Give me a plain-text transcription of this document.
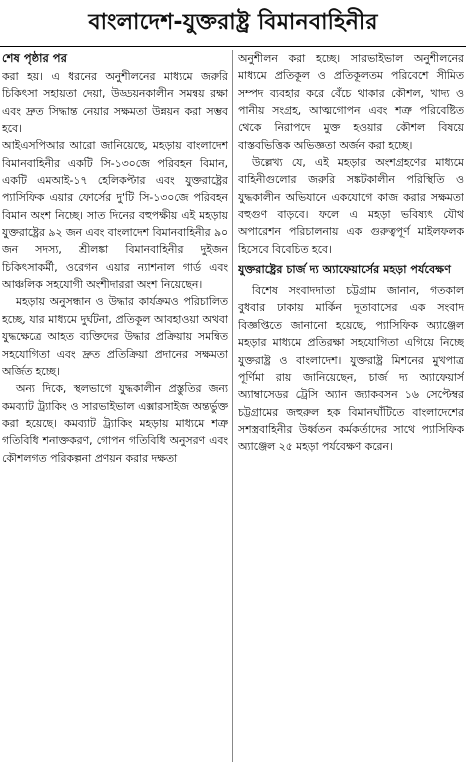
বাংলাদেশ-যুক্তরাষ্ট্র বিমানবাহিনীর
শেষ পৃষ্ঠার পর

করা হয়। এ ধরনের অনুশীলনের মাধ্যমে জরুরি চিকিৎসা সহায়তা দেয়া, উড্ডয়নকালীন সমন্বয় রক্ষা এবং দ্রুত সিদ্ধান্ত নেয়ার সক্ষমতা উন্নয়ন করা সম্ভব হবে।

আইএসপিআর আরো জানিয়েছে, মহড়ায় বাংলাদেশ বিমানবাহিনীর একটি সি-১৩০জে পরিবহন বিমান, একটি এমআই-১৭ হেলিকপ্টার এবং যুক্তরাষ্ট্রের প্যাসিফিক এয়ার ফোর্সের দু'টি সি-১৩০জে পরিবহন বিমান অংশ নিচ্ছে। সাত দিনের বহুপক্ষীয় এই মহড়ায় যুক্তরাষ্ট্রের ৯২ জন এবং বাংলাদেশ বিমানবাহিনীর ৯০ জন সদস্য, শ্রীলঙ্কা বিমানবাহিনীর দুইজন চিকিৎসাকর্মী, ওরেগন এয়ার ন্যাশনাল গার্ড এবং আঞ্চলিক সহযোগী অংশীদাররা অংশ নিয়েছেন।

মহড়ায় অনুসন্ধান ও উদ্ধার কার্যক্রমও পরিচালিত হচ্ছে, যার মাধ্যমে দুর্ঘটনা, প্রতিকূল আবহাওয়া অথবা যুদ্ধক্ষেত্রে আহত ব্যক্তিদের উদ্ধার প্রক্রিয়ায় সমন্বিত সহযোগিতা এবং দ্রুত প্রতিক্রিয়া প্রদানের সক্ষমতা অর্জিত হচ্ছে।

অন্য দিকে, স্থলভাগে যুদ্ধকালীন প্রস্তুতির জন্য কমব্যাট ট্র্যাকিং ও সারভাইভাল এক্সারসাইজ অন্তর্ভুক্ত করা হয়েছে। কমব্যাট ট্র্যাকিং মহড়ায় মাধ্যমে শত্রু গতিবিধি শনাক্তকরণ, গোপন গতিবিধি অনুসরণ এবং কৌশলগত পরিকল্পনা প্রণয়ন করার দক্ষতা

অনুশীলন করা হচ্ছে। সারভাইভাল অনুশীলনের মাধ্যমে প্রতিকূল ও প্রতিকূলতম পরিবেশে সীমিত সম্পদ ব্যবহার করে বেঁচে থাকার কৌশল, খাদ্য ও পানীয় সংগ্রহ, আত্মগোপন এবং শত্রু পরিবেষ্টিত থেকে নিরাপদে মুক্ত হওয়ার কৌশল বিষয়ে বাস্তবভিত্তিক অভিজ্ঞতা অর্জন করা হচ্ছে।

উল্লেখ্য যে, এই মহড়ার অংশগ্রহণের মাধ্যমে বাহিনীগুলোর জরুরি সঙ্কটকালীন পরিস্থিতি ও যুদ্ধকালীন অভিযানে একযোগে কাজ করার সক্ষমতা বহুগুণ বাড়বে। ফলে এ মহড়া ভবিষ্যৎ যৌথ অপারেশন পরিচালনায় এক গুরুত্বপূর্ণ মাইলফলক হিসেবে বিবেচিত হবে।

যুক্তরাষ্ট্রের চার্জ দ্য অ্যাফেয়ার্সের মহড়া পর্যবেক্ষণ

বিশেষ সংবাদদাতা চট্টগ্রাম জানান, গতকাল বুধবার ঢাকায় মার্কিন দূতাবাসের এক সংবাদ বিজ্ঞপ্তিতে জানানো হয়েছে, প্যাসিফিক অ্যাঞ্জেল মহড়ার মাধ্যমে প্রতিরক্ষা সহযোগিতা এগিয়ে নিচ্ছে যুক্তরাষ্ট্র ও বাংলাদেশ। যুক্তরাষ্ট্র মিশনের মুখপাত্র পূর্ণিমা রায় জানিয়েছেন, চার্জ দ্য অ্যাফেয়ার্স অ্যাম্বাসেডর ট্রেসি অ্যান জ্যাকবসন ১৬ সেপ্টেম্বর চট্টগ্রামের জহুরুল হক বিমানঘাঁটিতে বাংলাদেশের সশস্ত্রবাহিনীর উর্ধ্বতন কর্মকর্তাদের সাথে প্যাসিফিক অ্যাঞ্জেল ২৫ মহড়া পর্যবেক্ষণ করেন।
